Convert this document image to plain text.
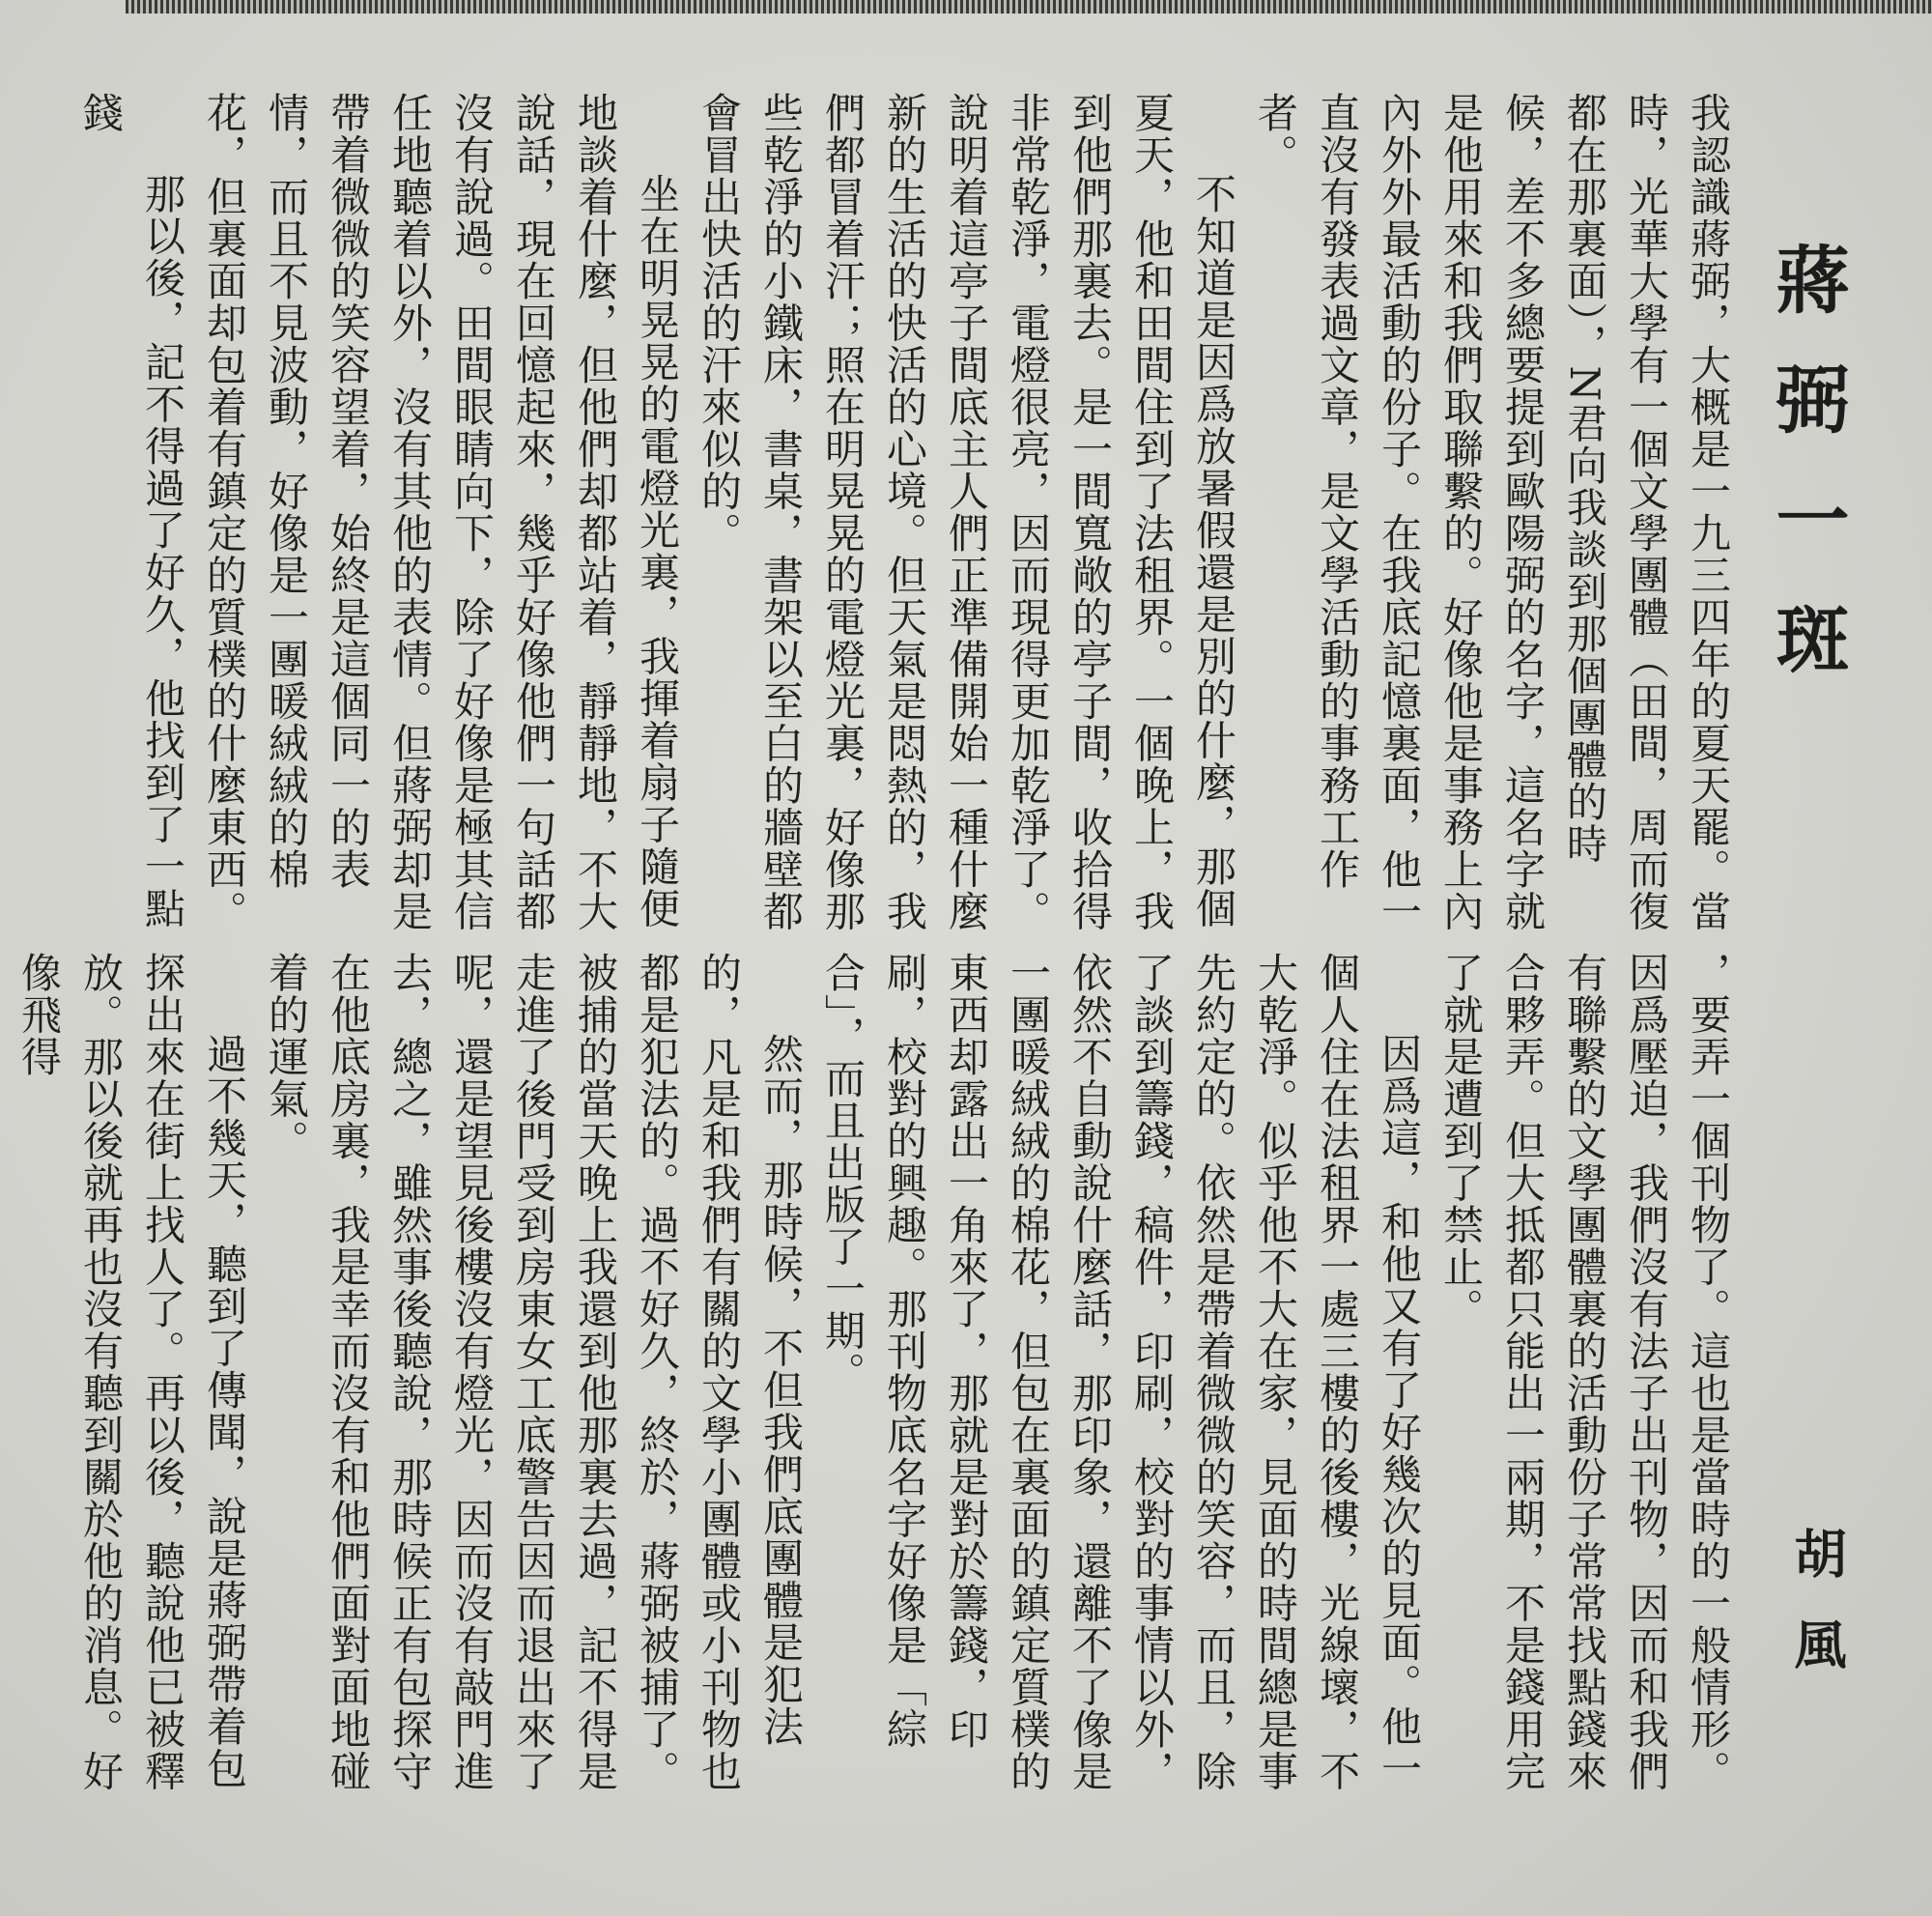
蔣弼一斑
胡風

我認識蔣弼，大概是一九三四年的夏天罷。當時，光華大學有一個文學團體（田間，周而復都在那裏面），N君向我談到那個團體的時候，差不多總要提到歐陽弼的名字，這名字就是他用來和我們取聯繫的。好像他是事務上內內外外最活動的份子。在我底記憶裏面，他一直沒有發表過文章，是文學活動的事務工作者。

不知道是因爲放暑假還是別的什麼，那個夏天，他和田間住到了法租界。一個晚上，我到他們那裏去。是一間寬敞的亭子間，收拾得非常乾淨，電燈很亮，因而現得更加乾淨了。說明着這亭子間底主人們正準備開始一種什麼新的生活的快活的心境。但天氣是悶熱的，我們都冒着汗；照在明晃晃的電燈光裏，好像那些乾淨的小鐵床，書桌，書架以至白的牆壁都會冒出快活的汗來似的。

坐在明晃晃的電燈光裏，我揮着扇子隨便地談着什麼，但他們却都站着，靜靜地，不大說話，現在回憶起來，幾乎好像他們一句話都沒有說過。田間眼睛向下，除了好像是極其信任地聽着以外，沒有其他的表情。但蔣弼却是帶着微微的笑容望着，始終是這個同一的表情，而且不見波動，好像是一團暖絨絨的棉花，但裏面却包着有鎮定的質樸的什麼東西。

那以後，記不得過了好久，他找到了一點錢

，要弄一個刊物了。這也是當時的一般情形。因爲壓迫，我們沒有法子出刊物，因而和我們有聯繫的文學團體裏的活動份子常常找點錢來合夥弄。但大抵都只能出一兩期，不是錢用完了就是遭到了禁止。

因爲這，和他又有了好幾次的見面。他一個人住在法租界一處三樓的後樓，光線壞，不大乾淨。似乎他不大在家，見面的時間總是事先約定的。依然是帶着微微的笑容，而且，除了談到籌錢，稿件，印刷，校對的事情以外，依然不自動說什麼話，那印象，還離不了像是一團暖絨絨的棉花，但包在裏面的鎮定質樸的東西却露出一角來了，那就是對於籌錢，印刷，校對的興趣。那刊物底名字好像是「綜合」，而且出版了一期。

然而，那時候，不但我們底團體是犯法的，凡是和我們有關的文學小團體或小刊物也都是犯法的。過不好久，終於，蔣弼被捕了。被捕的當天晚上我還到他那裏去過，記不得是走進了後門受到房東女工底警告因而退出來了呢，還是望見後樓沒有燈光，因而沒有敲門進去，總之，雖然事後聽說，那時候正有包探守在他底房裏，我是幸而沒有和他們面對面地碰着的運氣。

過不幾天，聽到了傳聞，說是蔣弼帶着包探出來在街上找人了。再以後，聽說他已被釋放。那以後就再也沒有聽到關於他的消息。好像飛得
